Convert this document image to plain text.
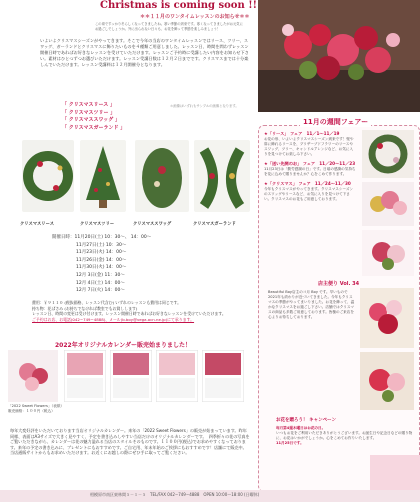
Christmas is coming soon !!
＊＊１１月のワンタイムレッスンのお知らせ＊＊
この頃ですっかり冬らしくなってきましたね。寒い季節の到来です。寒くなってきましたがお元気にお過ごしでしょうか。外に出られない日々も、お花を飾って季節を楽しみましょう！
いよいよクリスマスシーズンがやってきます。そこで今年の当店のワンタイムレッスンではリース、ツリー、スワッグ、ガーランドとクリスマスに飾りたいものを４種類ご用意しました。レッスン日、時間を問わずレッスン開催日時であればお好きなレッスンを受けていただけます。レッスンご予約時に受講したい内容をお知らせ下さい。素材はひとつずつお選びいただけます。レッスン受講日数は１２月２日までです。クリスマスまでは十分楽しんでいただけます。レッスン受講料は１２月開催分となります。
「 クリスマスリース 」
「 クリスマスツリー 」
「 クリスマススワッグ 」
「 クリスマスガーランド 」
＊画像はいずれもサンプルの画像となります。
クリスマスリース	クリスマスツリー	クリスマススワッグ	クリスマスガーランド
開催日時：11月20日(土) 10：30～、 14：00～
11月27日(土) 10：30～
11月23日(火) 14：00～
11月26日(金) 14：00～
11月30日(火) 14：00～
12月 3日(金) 11：30～
12月 4日(土) 14：00～
12月 7日(火) 14：00～
費用：￥９１１０ (税抜価格、レッスン代含む) いずれのレッスンも費用は同じです。
持ち物：花ばさみ (お持ちでなければ教室でもお貸しします)
レッスン日、時間の変更は受け付けます。レッスン開催日時であればお好きなレッスンを受けていただけます。
ご予約はお店、お電話(042−749−4888)、メール(b.boy@vega.ocn.ne.jp)にて承ります。
2022年オリジナルカレンダー販売始まりました！
「2022 Sweet Flowers」（表紙）
販売価格：１００円（税込）
毎年大変好評をいただいております当店オリジナルカレンダー。来年の「2022 Sweet Flowers」の販売が始まっています。昨年同様、表面はA3サイズで大きく見やすく、予定を書き込みしやすい当店だけのオリジナルカレンダーです。　四季折々の花の写真をご覧いただきながら、カレンダーは花の魅力溢れる当店のスタイルそのものです。１１００円(税込)でお求めやすくなっております。来年の予定の書き込みに、プレゼントにもおすすめです。ご自宅用、年末年始のご挨拶にもおすすめです！店舗にて販売中。当店通販サイトからもお求めいただけます。お近くにお越しの際にぜひ手に取ってご覧ください。
11月の週間フェアー
★「リース」 フェア　11／1～11／19
お花の形、いよいよクリスマスシーズン到来です！壁や扉に飾れるリースを、プリザーブドフラワーのリースやスワッグ、ツリー、キャンドルアレンジなど、お気に入りを見つけてお楽しみ下さい。
★「送い先開のお」 フェア　11／20～11／23
11月23日は「勤労感謝の日」です。日頃の感謝の気持ちを花に込めて贈りませんか？心をこめて作ります。
★「クリスマス」 フェア　11／24～11／30
今年もクリスマスがやってきます。クリスマスシーズンのスワッグやリースなど、お気に入りを見つけて下さい。クリスマスのお花もご用意しております。
店主便り Vol. 34
Beautiful Boy店主のコ月 Boy です。早いもので2021年も終わりが近づいてきました。今年もクリスマスの季節がやってまいりました。お花を飾って、温かなクリスマスをお過ごし下さい。店舗ではクリスマスの商品も多数ご用意しております。皆様のご来店を心よりお待ちしております。
お花を贈ろう！ キャンペーン
毎月第4週木曜日はお花の日。
いつもお花をご利用いただきありがとうございます。お誕生日や記念日などの贈り物に、お花はいかがでしょうか。心をこめてお作りいたします。
11月25日です。
相模原市南区東林間５－１－５　TEL/FAX 042−749−4888　OPEN 10:00～18:00 (日曜休)
